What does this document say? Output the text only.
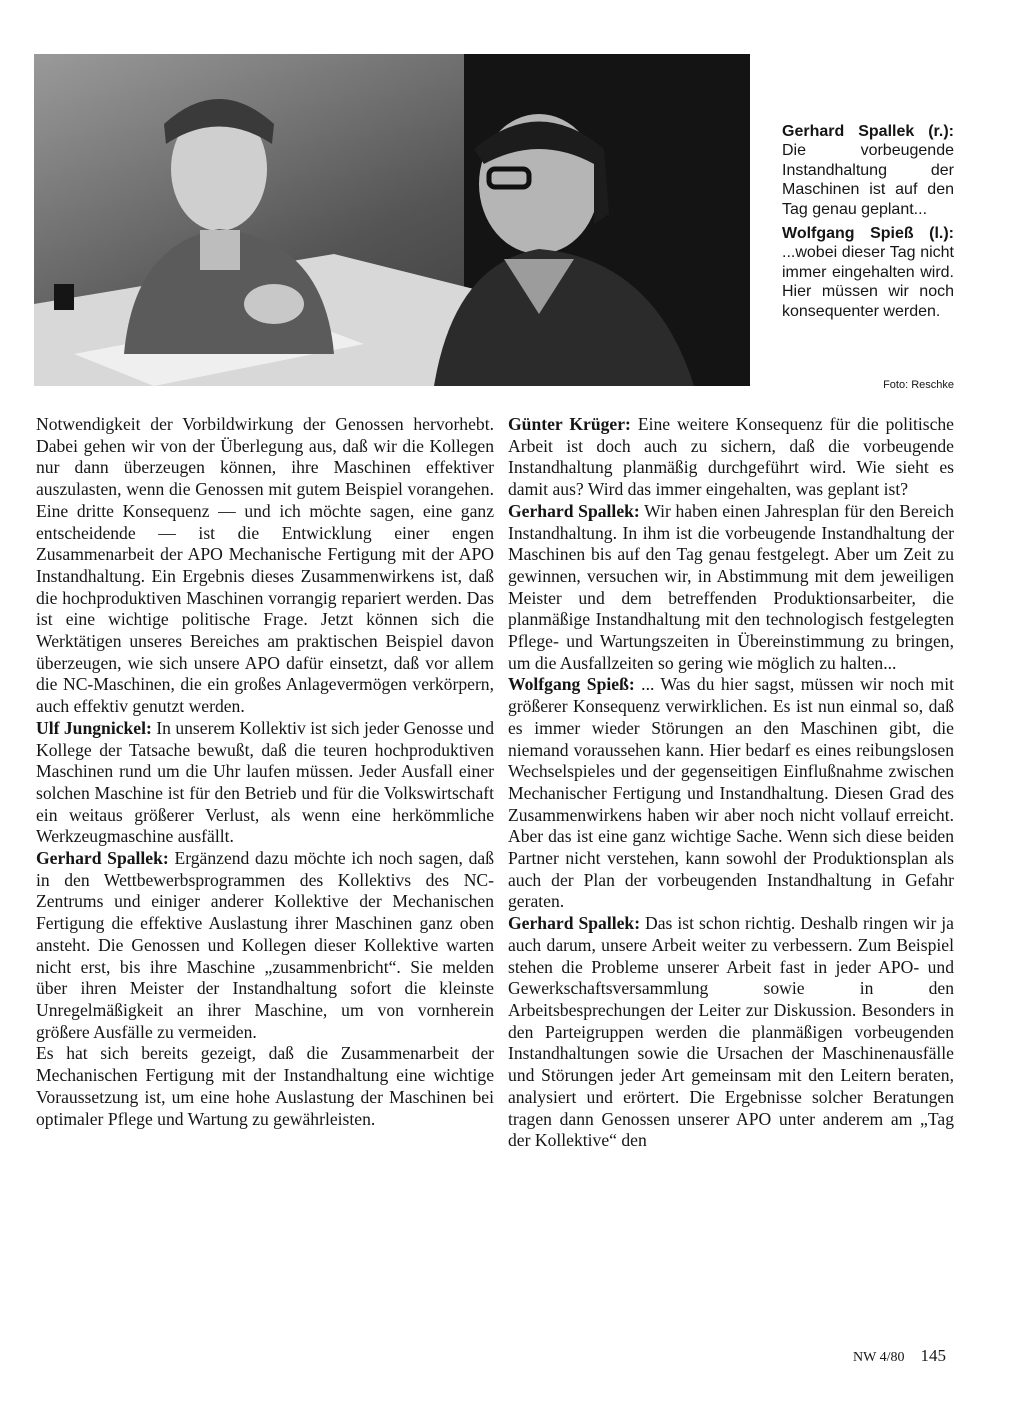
Gerhard Spallek (r.): Die vorbeugende Instandhaltung der Maschinen ist auf den Tag genau geplant...

Wolfgang Spieß (l.): ...wobei dieser Tag nicht immer eingehalten wird. Hier müssen wir noch konsequenter werden.

Foto: Reschke

Notwendigkeit der Vorbildwirkung der Genossen hervorhebt. Dabei gehen wir von der Überlegung aus, daß wir die Kollegen nur dann überzeugen können, ihre Maschinen effektiver auszulasten, wenn die Genossen mit gutem Beispiel vorangehen. Eine dritte Konsequenz — und ich möchte sagen, eine ganz entscheidende — ist die Entwicklung einer engen Zusammenarbeit der APO Mechanische Fertigung mit der APO Instandhaltung. Ein Ergebnis dieses Zusammenwirkens ist, daß die hochproduktiven Maschinen vorrangig repariert werden. Das ist eine wichtige politische Frage. Jetzt können sich die Werktätigen unseres Bereiches am praktischen Beispiel davon überzeugen, wie sich unsere APO dafür einsetzt, daß vor allem die NC-Maschinen, die ein großes Anlagevermögen verkörpern, auch effektiv genutzt werden.

Ulf Jungnickel: In unserem Kollektiv ist sich jeder Genosse und Kollege der Tatsache bewußt, daß die teuren hochproduktiven Maschinen rund um die Uhr laufen müssen. Jeder Ausfall einer solchen Maschine ist für den Betrieb und für die Volkswirtschaft ein weitaus größerer Verlust, als wenn eine herkömmliche Werkzeugmaschine ausfällt.

Gerhard Spallek: Ergänzend dazu möchte ich noch sagen, daß in den Wettbewerbsprogrammen des Kollektivs des NC-Zentrums und einiger anderer Kollektive der Mechanischen Fertigung die effektive Auslastung ihrer Maschinen ganz oben ansteht. Die Genossen und Kollegen dieser Kollektive warten nicht erst, bis ihre Maschine „zusammenbricht“. Sie melden über ihren Meister der Instandhaltung sofort die kleinste Unregelmäßigkeit an ihrer Maschine, um von vornherein größere Ausfälle zu vermeiden.

Es hat sich bereits gezeigt, daß die Zusammenarbeit der Mechanischen Fertigung mit der Instandhaltung eine wichtige Voraussetzung ist, um eine hohe Auslastung der Maschinen bei optimaler Pflege und Wartung zu gewährleisten.

Günter Krüger: Eine weitere Konsequenz für die politische Arbeit ist doch auch zu sichern, daß die vorbeugende Instandhaltung planmäßig durchgeführt wird. Wie sieht es damit aus? Wird das immer eingehalten, was geplant ist?

Gerhard Spallek: Wir haben einen Jahresplan für den Bereich Instandhaltung. In ihm ist die vorbeugende Instandhaltung der Maschinen bis auf den Tag genau festgelegt. Aber um Zeit zu gewinnen, versuchen wir, in Abstimmung mit dem jeweiligen Meister und dem betreffenden Produktionsarbeiter, die planmäßige Instandhaltung mit den technologisch festgelegten Pflege- und Wartungszeiten in Übereinstimmung zu bringen, um die Ausfallzeiten so gering wie möglich zu halten...

Wolfgang Spieß: ... Was du hier sagst, müssen wir noch mit größerer Konsequenz verwirklichen. Es ist nun einmal so, daß es immer wieder Störungen an den Maschinen gibt, die niemand voraussehen kann. Hier bedarf es eines reibungslosen Wechselspieles und der gegenseitigen Einflußnahme zwischen Mechanischer Fertigung und Instandhaltung. Diesen Grad des Zusammenwirkens haben wir aber noch nicht vollauf erreicht. Aber das ist eine ganz wichtige Sache. Wenn sich diese beiden Partner nicht verstehen, kann sowohl der Produktionsplan als auch der Plan der vorbeugenden Instandhaltung in Gefahr geraten.

Gerhard Spallek: Das ist schon richtig. Deshalb ringen wir ja auch darum, unsere Arbeit weiter zu verbessern. Zum Beispiel stehen die Probleme unserer Arbeit fast in jeder APO- und Gewerkschaftsversammlung sowie in den Arbeitsbesprechungen der Leiter zur Diskussion. Besonders in den Parteigruppen werden die planmäßigen vorbeugenden Instandhaltungen sowie die Ursachen der Maschinenausfälle und Störungen jeder Art gemeinsam mit den Leitern beraten, analysiert und erörtert. Die Ergebnisse solcher Beratungen tragen dann Genossen unserer APO unter anderem am „Tag der Kollektive“ den

NW 4/80 145
